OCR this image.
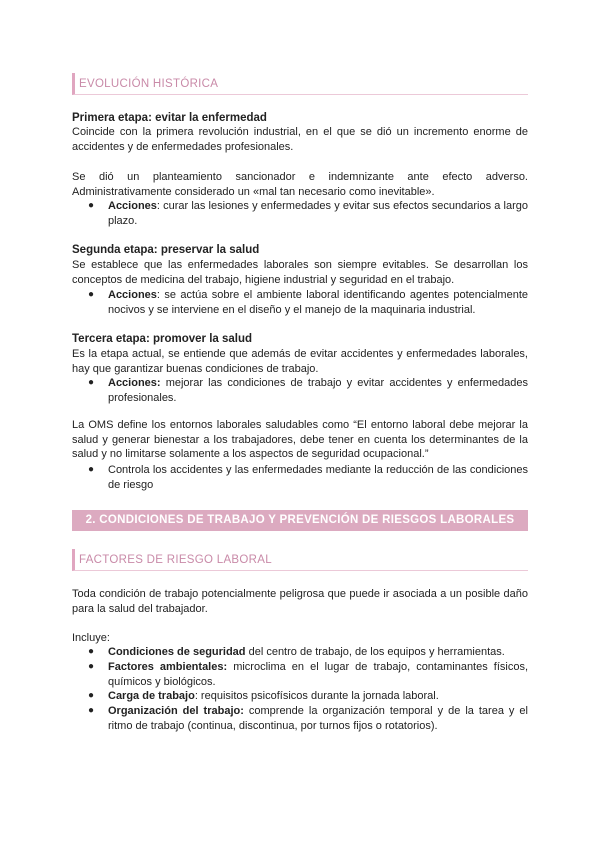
EVOLUCIÓN HISTÓRICA
Primera etapa: evitar la enfermedad
Coincide con la primera revolución industrial, en el que se dió un incremento enorme de accidentes y de enfermedades profesionales.
Se dió un planteamiento sancionador e indemnizante ante efecto adverso. Administrativamente considerado un «mal tan necesario como inevitable».
● Acciones: curar las lesiones y enfermedades y evitar sus efectos secundarios a largo plazo.
Segunda etapa: preservar la salud
Se establece que las enfermedades laborales son siempre evitables. Se desarrollan los conceptos de medicina del trabajo, higiene industrial y seguridad en el trabajo.
● Acciones: se actúa sobre el ambiente laboral identificando agentes potencialmente nocivos y se interviene en el diseño y el manejo de la maquinaria industrial.
Tercera etapa: promover la salud
Es la etapa actual, se entiende que además de evitar accidentes y enfermedades laborales, hay que garantizar buenas condiciones de trabajo.
● Acciones: mejorar las condiciones de trabajo y evitar accidentes y enfermedades profesionales.
La OMS define los entornos laborales saludables como “El entorno laboral debe mejorar la salud y generar bienestar a los trabajadores, debe tener en cuenta los determinantes de la salud y no limitarse solamente a los aspectos de seguridad ocupacional.”
● Controla los accidentes y las enfermedades mediante la reducción de las condiciones de riesgo
2. CONDICIONES DE TRABAJO Y PREVENCIÓN DE RIESGOS LABORALES
FACTORES DE RIESGO LABORAL
Toda condición de trabajo potencialmente peligrosa que puede ir asociada a un posible daño para la salud del trabajador.
Incluye:
● Condiciones de seguridad del centro de trabajo, de los equipos y herramientas.
● Factores ambientales: microclima en el lugar de trabajo, contaminantes físicos, químicos y biológicos.
● Carga de trabajo: requisitos psicofísicos durante la jornada laboral.
● Organización del trabajo: comprende la organización temporal y de la tarea y el ritmo de trabajo (continua, discontinua, por turnos fijos o rotatorios).
